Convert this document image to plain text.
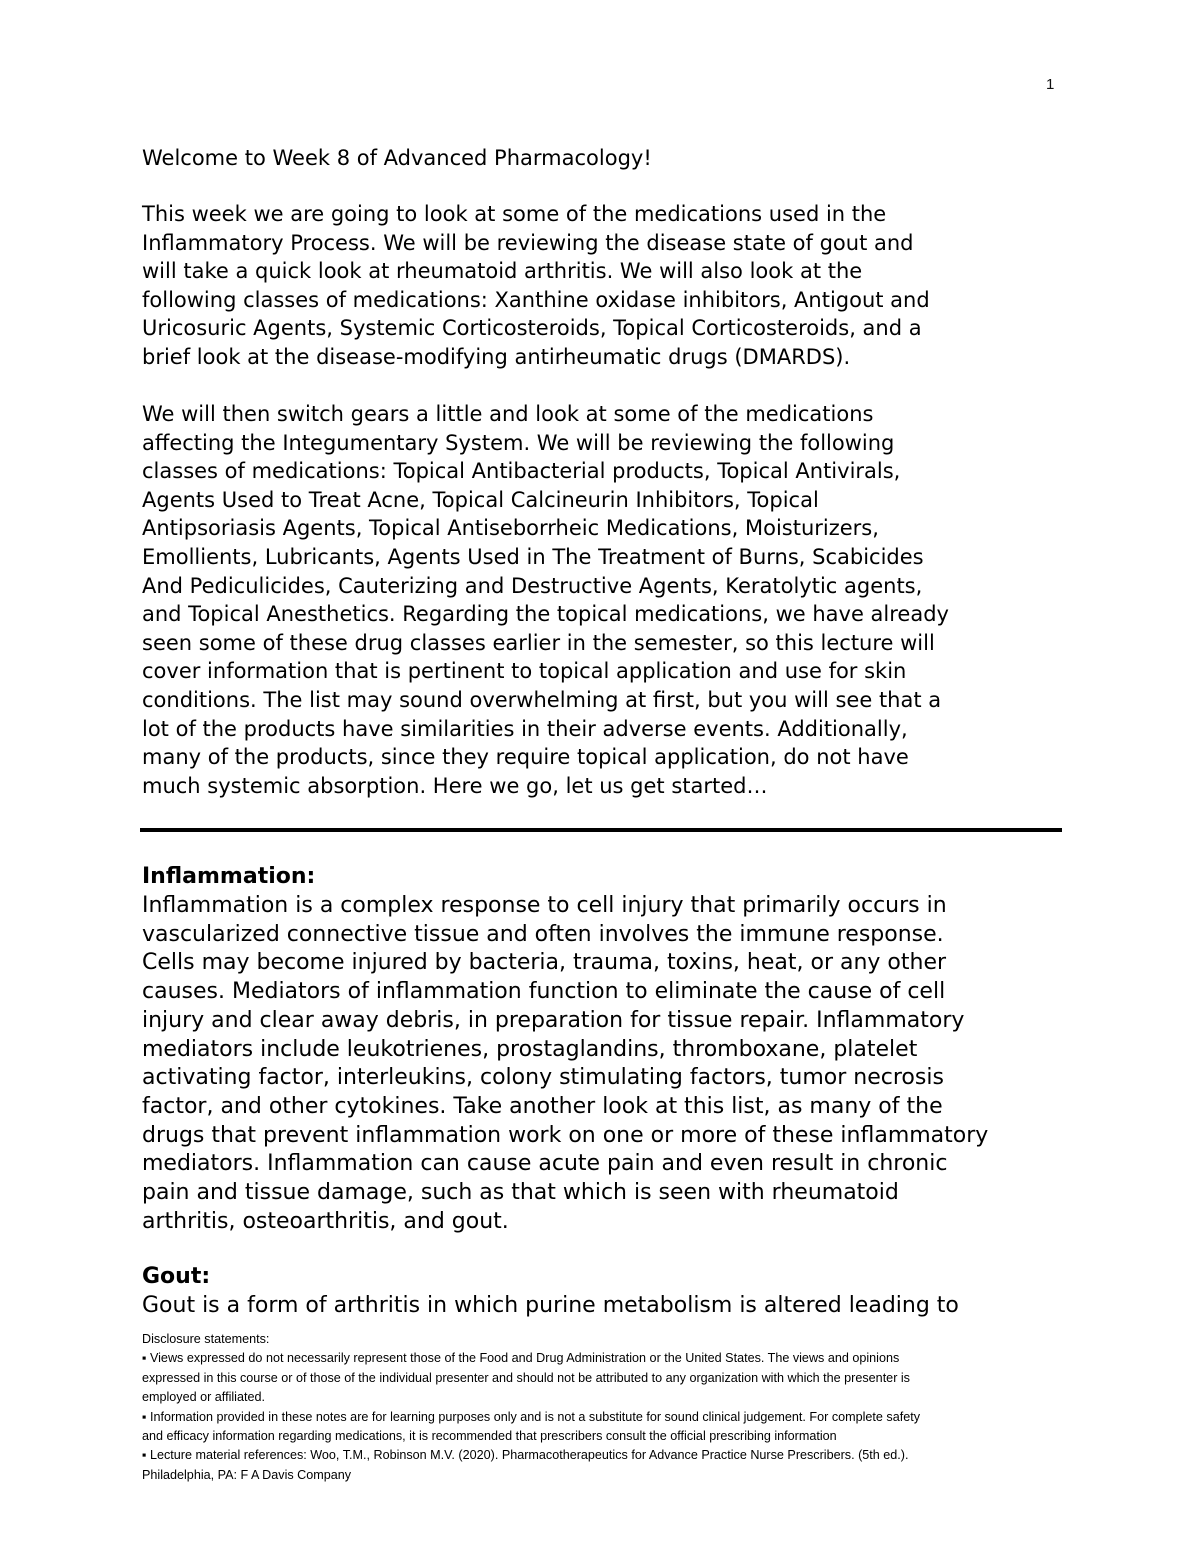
1

Welcome to Week 8 of Advanced Pharmacology!

This week we are going to look at some of the medications used in the

Inflammatory Process. We will be reviewing the disease state of gout and

will take a quick look at rheumatoid arthritis. We will also look at the

following classes of medications: Xanthine oxidase inhibitors, Antigout and

Uricosuric Agents, Systemic Corticosteroids, Topical Corticosteroids, and a

brief look at the disease-modifying antirheumatic drugs (DMARDS).

We will then switch gears a little and look at some of the medications

affecting the Integumentary System. We will be reviewing the following

classes of medications: Topical Antibacterial products, Topical Antivirals,

Agents Used to Treat Acne, Topical Calcineurin Inhibitors, Topical

Antipsoriasis Agents, Topical Antiseborrheic Medications, Moisturizers,

Emollients, Lubricants, Agents Used in The Treatment of Burns, Scabicides

And Pediculicides, Cauterizing and Destructive Agents, Keratolytic agents,

and Topical Anesthetics. Regarding the topical medications, we have already

seen some of these drug classes earlier in the semester, so this lecture will

cover information that is pertinent to topical application and use for skin

conditions. The list may sound overwhelming at first, but you will see that a

lot of the products have similarities in their adverse events. Additionally,

many of the products, since they require topical application, do not have

much systemic absorption. Here we go, let us get started…

Inflammation:

Inflammation is a complex response to cell injury that primarily occurs in

vascularized connective tissue and often involves the immune response.

Cells may become injured by bacteria, trauma, toxins, heat, or any other

causes. Mediators of inflammation function to eliminate the cause of cell

injury and clear away debris, in preparation for tissue repair. Inflammatory

mediators include leukotrienes, prostaglandins, thromboxane, platelet

activating factor, interleukins, colony stimulating factors, tumor necrosis

factor, and other cytokines. Take another look at this list, as many of the

drugs that prevent inflammation work on one or more of these inflammatory

mediators. Inflammation can cause acute pain and even result in chronic

pain and tissue damage, such as that which is seen with rheumatoid

arthritis, osteoarthritis, and gout.

Gout:

Gout is a form of arthritis in which purine metabolism is altered leading to

Disclosure statements:

▪ Views expressed do not necessarily represent those of the Food and Drug Administration or the United States. The views and opinions

expressed in this course or of those of the individual presenter and should not be attributed to any organization with which the presenter is

employed or affiliated.

▪ Information provided in these notes are for learning purposes only and is not a substitute for sound clinical judgement. For complete safety

and efficacy information regarding medications, it is recommended that prescribers consult the official prescribing information

▪ Lecture material references: Woo, T.M., Robinson M.V. (2020). Pharmacotherapeutics for Advance Practice Nurse Prescribers. (5th ed.).

Philadelphia, PA: F A Davis Company
